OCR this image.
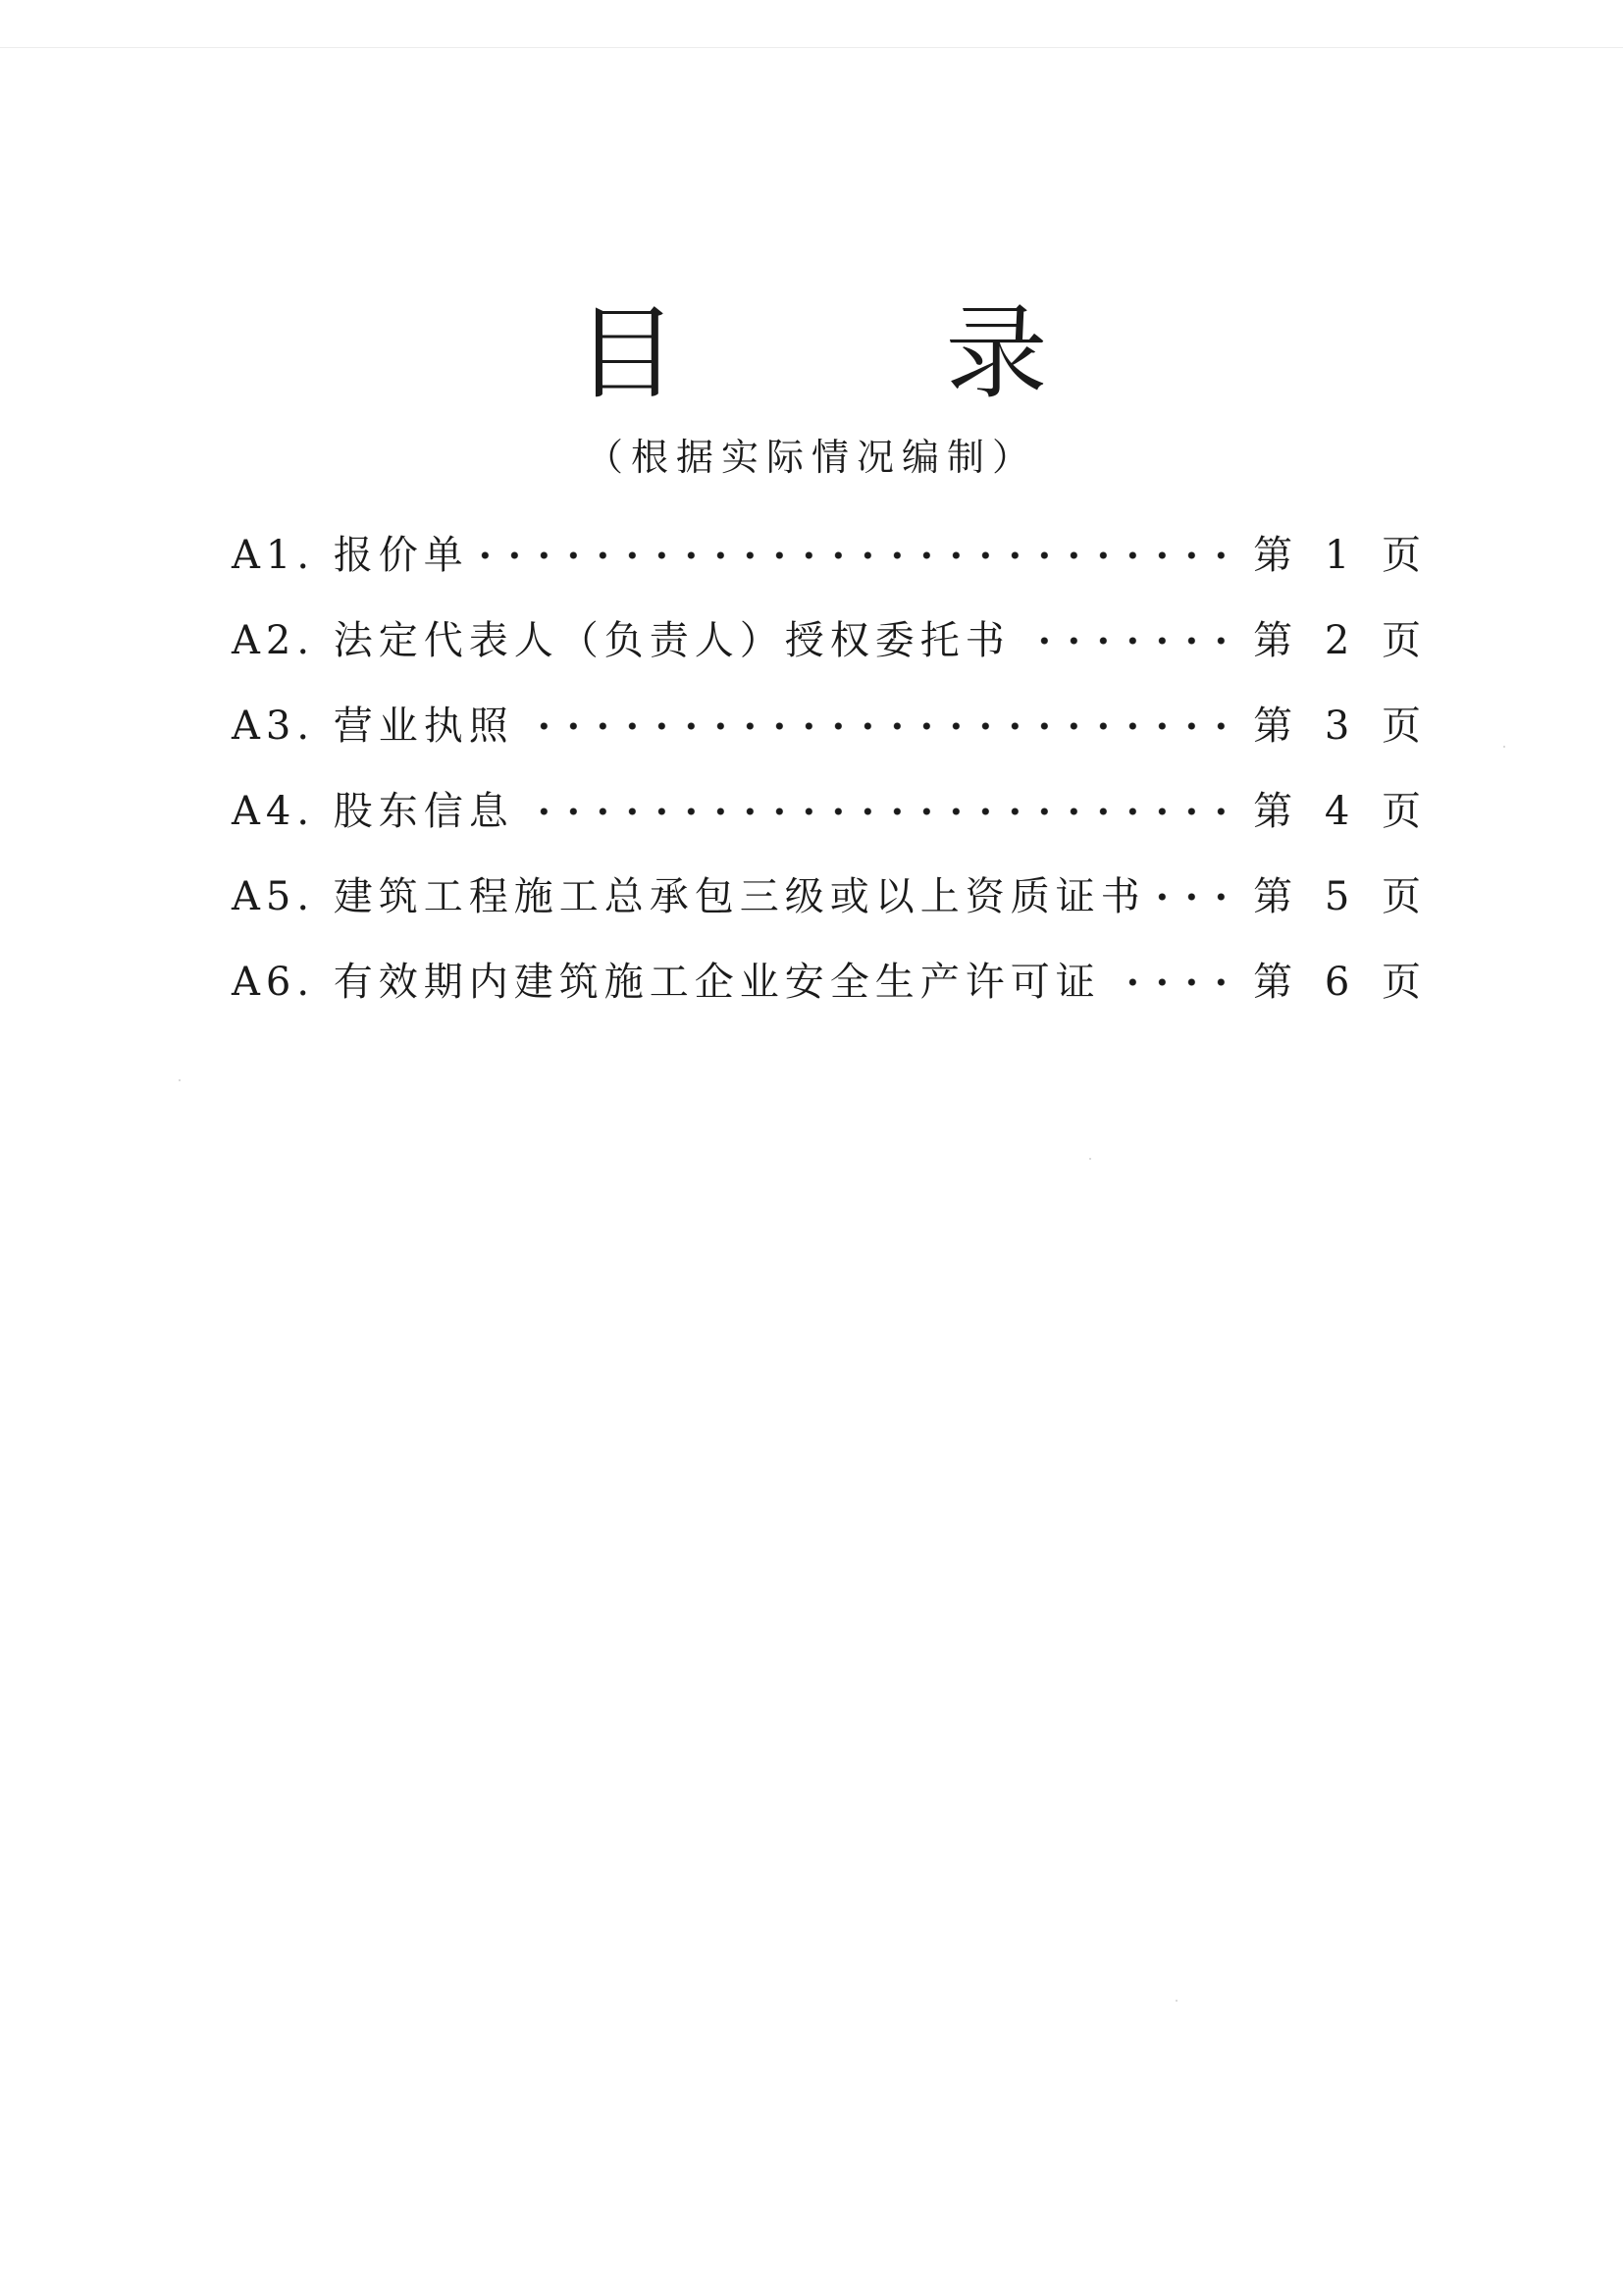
目 录
（根据实际情况编制）
A1. 报价单	第 1 页
A2. 法定代表人（负责人）授权委托书	第 2 页
A3. 营业执照	第 3 页
A4. 股东信息	第 4 页
A5. 建筑工程施工总承包三级或以上资质证书	第 5 页
A6. 有效期内建筑施工企业安全生产许可证	第 6 页
